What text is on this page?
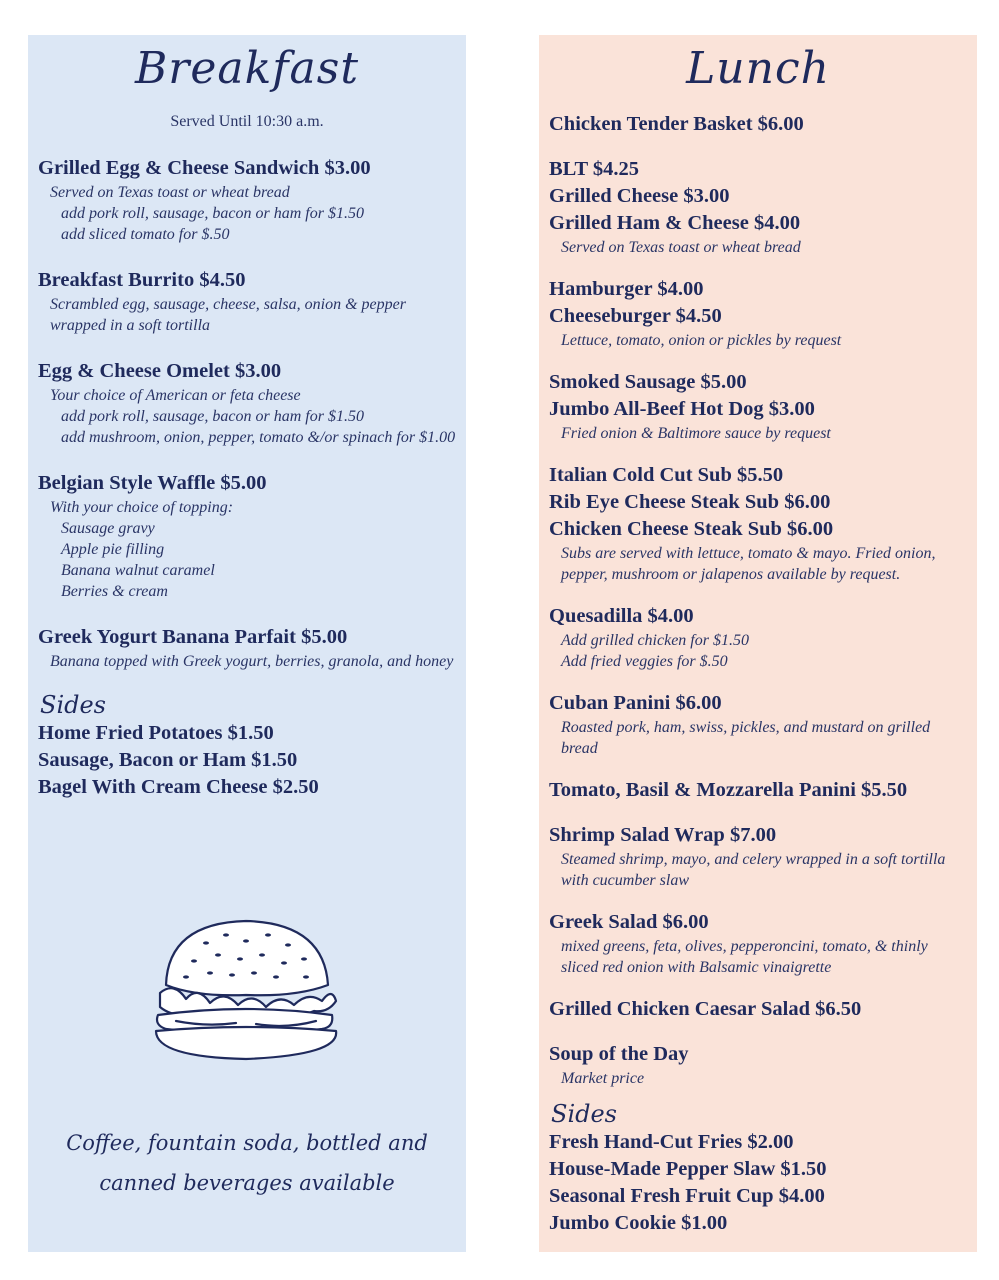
Breakfast
Served Until 10:30 a.m.
Grilled Egg & Cheese Sandwich $3.00
Served on Texas toast or wheat bread
add pork roll, sausage, bacon or ham for $1.50
add sliced tomato for $.50
Breakfast Burrito $4.50
Scrambled egg, sausage, cheese, salsa, onion & pepper wrapped in a soft tortilla
Egg & Cheese Omelet $3.00
Your choice of American or feta cheese
add pork roll, sausage, bacon or ham for $1.50
add mushroom, onion, pepper, tomato &/or spinach for $1.00
Belgian Style Waffle $5.00
With your choice of topping:
Sausage gravy
Apple pie filling
Banana walnut caramel
Berries & cream
Greek Yogurt Banana Parfait $5.00
Banana topped with Greek yogurt, berries, granola, and honey
Sides
Home Fried Potatoes $1.50
Sausage, Bacon or Ham $1.50
Bagel With Cream Cheese $2.50
Coffee, fountain soda, bottled and
canned beverages available
Lunch
Chicken Tender Basket $6.00
BLT $4.25
Grilled Cheese $3.00
Grilled Ham & Cheese $4.00
Served on Texas toast or wheat bread
Hamburger $4.00
Cheeseburger $4.50
Lettuce, tomato, onion or pickles by request
Smoked Sausage $5.00
Jumbo All-Beef Hot Dog $3.00
Fried onion & Baltimore sauce by request
Italian Cold Cut Sub $5.50
Rib Eye Cheese Steak Sub $6.00
Chicken Cheese Steak Sub $6.00
Subs are served with lettuce, tomato & mayo. Fried onion, pepper, mushroom or jalapenos available by request.
Quesadilla $4.00
Add grilled chicken for $1.50
Add fried veggies for $.50
Cuban Panini $6.00
Roasted pork, ham, swiss, pickles, and mustard on grilled bread
Tomato, Basil & Mozzarella Panini $5.50
Shrimp Salad Wrap $7.00
Steamed shrimp, mayo, and celery wrapped in a soft tortilla with cucumber slaw
Greek Salad $6.00
mixed greens, feta, olives, pepperoncini, tomato, & thinly sliced red onion with Balsamic vinaigrette
Grilled Chicken Caesar Salad $6.50
Soup of the Day
Market price
Sides
Fresh Hand-Cut Fries $2.00
House-Made Pepper Slaw $1.50
Seasonal Fresh Fruit Cup $4.00
Jumbo Cookie $1.00
